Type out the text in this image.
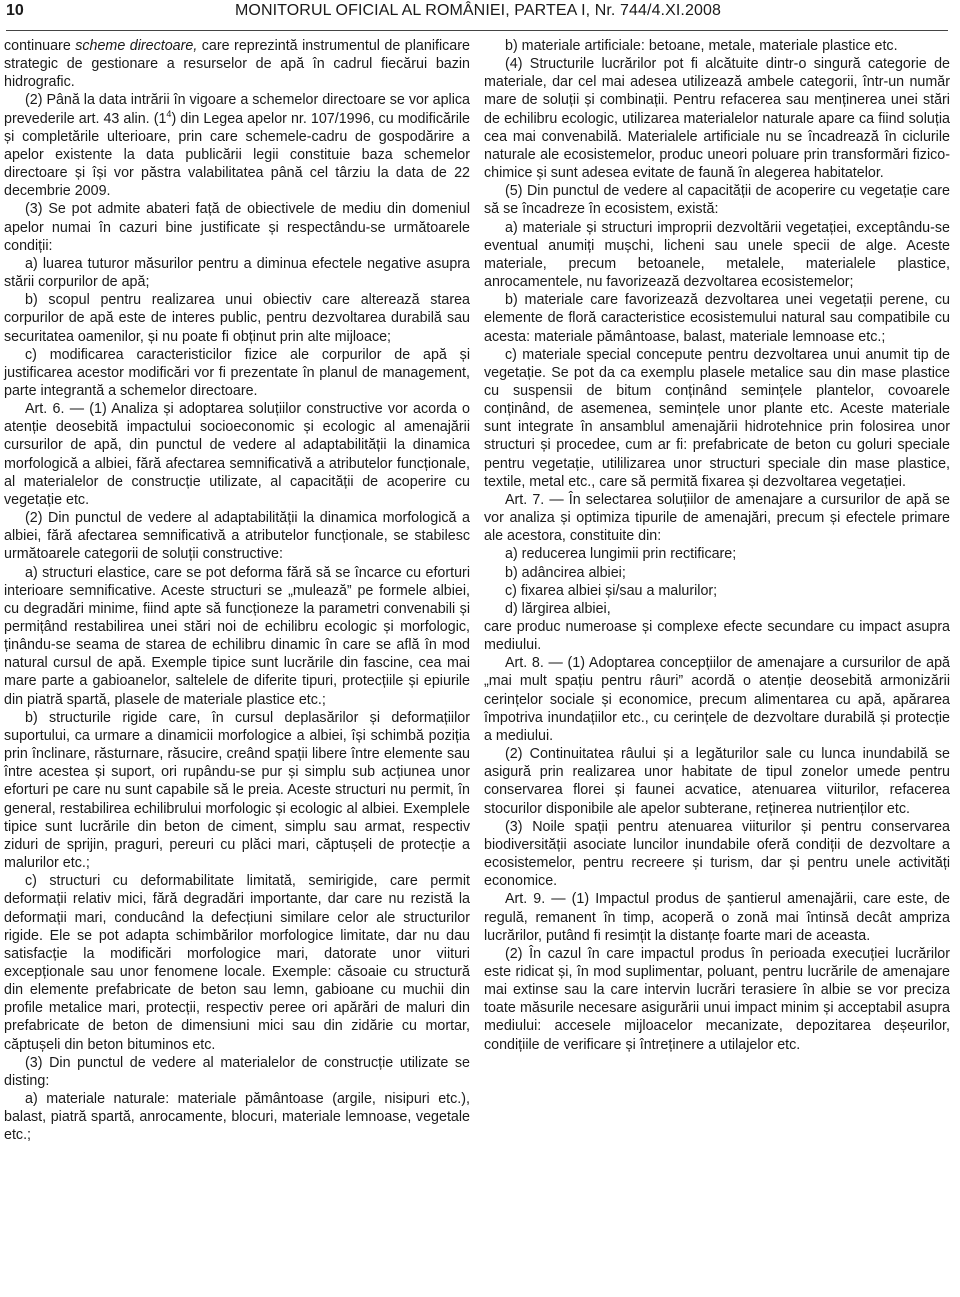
10	MONITORUL OFICIAL AL ROMÂNIEI, PARTEA I, Nr. 744/4.XI.2008

continuare scheme directoare, care reprezintă instrumentul de planificare strategic de gestionare a resurselor de apă în cadrul fiecărui bazin hidrografic.

(2) Până la data intrării în vigoare a schemelor directoare se vor aplica prevederile art. 43 alin. $(1^4)$ din Legea apelor nr. 107/1996, cu modificările și completările ulterioare, prin care schemele-cadru de gospodărire a apelor existente la data publicării legii constituie baza schemelor directoare și își vor păstra valabilitatea până cel târziu la data de 22 decembrie 2009.

(3) Se pot admite abateri față de obiectivele de mediu din domeniul apelor numai în cazuri bine justificate și respectându-se următoarele condiții:

a) luarea tuturor măsurilor pentru a diminua efectele negative asupra stării corpurilor de apă;

b) scopul pentru realizarea unui obiectiv care alterează starea corpurilor de apă este de interes public, pentru dezvoltarea durabilă sau securitatea oamenilor, și nu poate fi obținut prin alte mijloace;

c) modificarea caracteristicilor fizice ale corpurilor de apă și justificarea acestor modificări vor fi prezentate în planul de management, parte integrantă a schemelor directoare.

Art. 6. — (1) Analiza și adoptarea soluțiilor constructive vor acorda o atenție deosebită impactului socioeconomic și ecologic al amenajării cursurilor de apă, din punctul de vedere al adaptabilității la dinamica morfologică a albiei, fără afectarea semnificativă a atributelor funcționale, al materialelor de construcție utilizate, al capacității de acoperire cu vegetație etc.

(2) Din punctul de vedere al adaptabilității la dinamica morfologică a albiei, fără afectarea semnificativă a atributelor funcționale, se stabilesc următoarele categorii de soluții constructive:

a) structuri elastice, care se pot deforma fără să se încarce cu eforturi interioare semnificative. Aceste structuri se „mulează” pe formele albiei, cu degradări minime, fiind apte să funcționeze la parametri convenabili și permițând restabilirea unei stări noi de echilibru ecologic și morfologic, ținându-se seama de starea de echilibru dinamic în care se află în mod natural cursul de apă. Exemple tipice sunt lucrările din fascine, cea mai mare parte a gabioanelor, saltelele de diferite tipuri, protecțiile și epiurile din piatră spartă, plasele de materiale plastice etc.;

b) structurile rigide care, în cursul deplasărilor și deformațiilor suportului, ca urmare a dinamicii morfologice a albiei, își schimbă poziția prin înclinare, răsturnare, răsucire, creând spații libere între elemente sau între acestea și suport, ori rupându-se pur și simplu sub acțiunea unor eforturi pe care nu sunt capabile să le preia. Aceste structuri nu permit, în general, restabilirea echilibrului morfologic și ecologic al albiei. Exemplele tipice sunt lucrările din beton de ciment, simplu sau armat, respectiv ziduri de sprijin, praguri, pereuri cu plăci mari, căptușeli de protecție a malurilor etc.;

c) structuri cu deformabilitate limitată, semirigide, care permit deformații relativ mici, fără degradări importante, dar care nu rezistă la deformații mari, conducând la defecțiuni similare celor ale structurilor rigide. Ele se pot adapta schimbărilor morfologice limitate, dar nu dau satisfacție la modificări morfologice mari, datorate unor viituri excepționale sau unor fenomene locale. Exemple: căsoaie cu structură din elemente prefabricate de beton sau lemn, gabioane cu muchii din profile metalice mari, protecții, respectiv peree ori apărări de maluri din prefabricate de beton de dimensiuni mici sau din zidărie cu mortar, căptușeli din beton bituminos etc.

(3) Din punctul de vedere al materialelor de construcție utilizate se disting:

a) materiale naturale: materiale pământoase (argile, nisipuri etc.), balast, piatră spartă, anrocamente, blocuri, materiale lemnoase, vegetale etc.;

b) materiale artificiale: betoane, metale, materiale plastice etc.

(4) Structurile lucrărilor pot fi alcătuite dintr-o singură categorie de materiale, dar cel mai adesea utilizează ambele categorii, într-un număr mare de soluții și combinații. Pentru refacerea sau menținerea unei stări de echilibru ecologic, utilizarea materialelor naturale apare ca fiind soluția cea mai convenabilă. Materialele artificiale nu se încadrează în ciclurile naturale ale ecosistemelor, produc uneori poluare prin transformări fizico-chimice și sunt adesea evitate de faună în alegerea habitatelor.

(5) Din punctul de vedere al capacității de acoperire cu vegetație care să se încadreze în ecosistem, există:

a) materiale și structuri improprii dezvoltării vegetației, exceptându-se eventual anumiți mușchi, licheni sau unele specii de alge. Aceste materiale, precum betoanele, metalele, materialele plastice, anrocamentele, nu favorizează dezvoltarea ecosistemelor;

b) materiale care favorizează dezvoltarea unei vegetații perene, cu elemente de floră caracteristice ecosistemului natural sau compatibile cu acesta: materiale pământoase, balast, materiale lemnoase etc.;

c) materiale special concepute pentru dezvoltarea unui anumit tip de vegetație. Se pot da ca exemplu plasele metalice sau din mase plastice cu suspensii de bitum conținând semințele plantelor, covoarele conținând, de asemenea, semințele unor plante etc. Aceste materiale sunt integrate în ansamblul amenajării hidrotehnice prin folosirea unor structuri și procedee, cum ar fi: prefabricate de beton cu goluri speciale pentru vegetație, utililizarea unor structuri speciale din mase plastice, textile, metal etc., care să permită fixarea și dezvoltarea vegetației.

Art. 7. — În selectarea soluțiilor de amenajare a cursurilor de apă se vor analiza și optimiza tipurile de amenajări, precum și efectele primare ale acestora, constituite din:

a) reducerea lungimii prin rectificare;

b) adâncirea albiei;

c) fixarea albiei și/sau a malurilor;

d) lărgirea albiei,

care produc numeroase și complexe efecte secundare cu impact asupra mediului.

Art. 8. — (1) Adoptarea concepțiilor de amenajare a cursurilor de apă „mai mult spațiu pentru râuri” acordă o atenție deosebită armonizării cerințelor sociale și economice, precum alimentarea cu apă, apărarea împotriva inundațiilor etc., cu cerințele de dezvoltare durabilă și protecție a mediului.

(2) Continuitatea râului și a legăturilor sale cu lunca inundabilă se asigură prin realizarea unor habitate de tipul zonelor umede pentru conservarea florei și faunei acvatice, atenuarea viiturilor, refacerea stocurilor disponibile ale apelor subterane, reținerea nutrienților etc.

(3) Noile spații pentru atenuarea viiturilor și pentru conservarea biodiversității asociate luncilor inundabile oferă condiții de dezvoltare a ecosistemelor, pentru recreere și turism, dar și pentru unele activități economice.

Art. 9. — (1) Impactul produs de șantierul amenajării, care este, de regulă, remanent în timp, acoperă o zonă mai întinsă decât ampriza lucrărilor, putând fi resimțit la distanțe foarte mari de aceasta.

(2) În cazul în care impactul produs în perioada execuției lucrărilor este ridicat și, în mod suplimentar, poluant, pentru lucrările de amenajare mai extinse sau la care intervin lucrări terasiere în albie se vor preciza toate măsurile necesare asigurării unui impact minim și acceptabil asupra mediului: accesele mijloacelor mecanizate, depozitarea deșeurilor, condițiile de verificare și întreținere a utilajelor etc.
